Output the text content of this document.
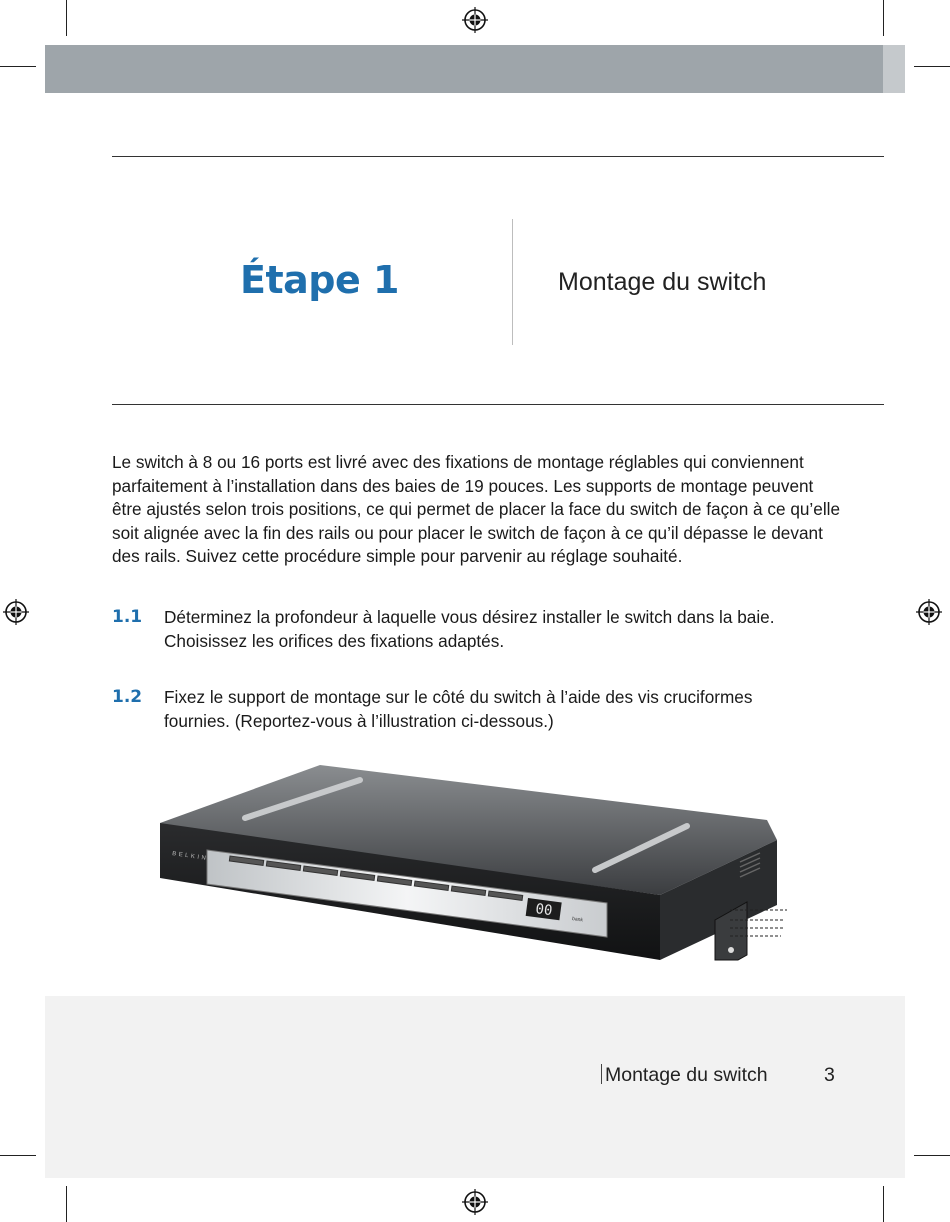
Étape 1	Montage du switch

Le switch à 8 ou 16 ports est livré avec des fixations de montage réglables qui conviennent parfaitement à l’installation dans des baies de 19 pouces. Les supports de montage peuvent être ajustés selon trois positions, ce qui permet de placer la face du switch de façon à ce qu’elle soit alignée avec la fin des rails ou pour placer le switch de façon à ce qu’il dépasse le devant des rails. Suivez cette procédure simple pour parvenir au réglage souhaité.

1.1 Déterminez la profondeur à laquelle vous désirez installer le switch dans la baie. Choisissez les orifices des fixations adaptés.

1.2 Fixez le support de montage sur le côté du switch à l’aide des vis cruciformes fournies. (Reportez-vous à l’illustration ci-dessous.)

BELKIN
00
bank
Montage du switch	3
